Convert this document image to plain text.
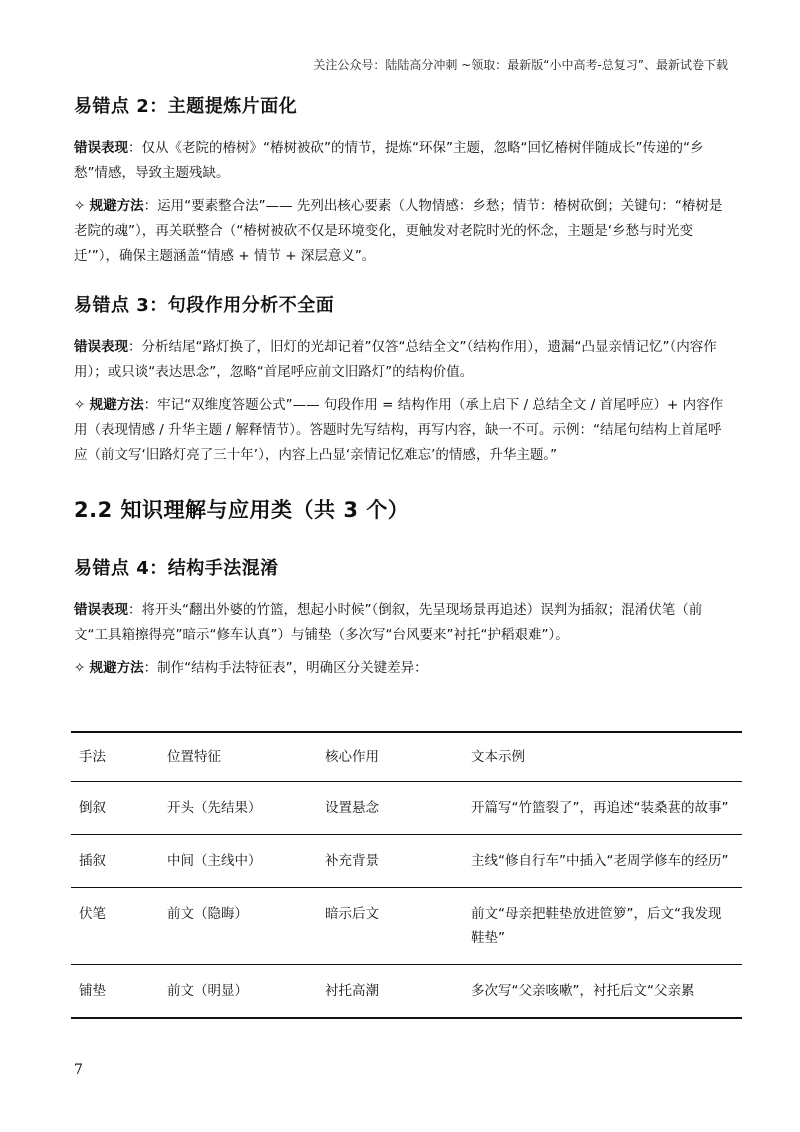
关注公众号：陆陆高分冲刺 ~领取：最新版“小中高考-总复习”、最新试卷下载
易错点 2：主题提炼片面化

错误表现：仅从《老院的椿树》“椿树被砍”的情节，提炼“环保”主题，忽略“回忆椿树伴随成长”传递的“乡愁”情感，导致主题残缺。

✧ 规避方法：运用“要素整合法”—— 先列出核心要素（人物情感：乡愁；情节：椿树砍倒；关键句：“椿树是老院的魂”），再关联整合（“椿树被砍不仅是环境变化，更触发对老院时光的怀念，主题是‘乡愁与时光变迁’”），确保主题涵盖“情感 + 情节 + 深层意义”。

易错点 3：句段作用分析不全面

错误表现：分析结尾“路灯换了，旧灯的光却记着”仅答“总结全文”（结构作用），遗漏“凸显亲情记忆”（内容作用）；或只谈“表达思念”，忽略“首尾呼应前文旧路灯”的结构价值。

✧ 规避方法：牢记“双维度答题公式”—— 句段作用 = 结构作用（承上启下 / 总结全文 / 首尾呼应）+ 内容作用（表现情感 / 升华主题 / 解释情节）。答题时先写结构，再写内容，缺一不可。示例：“结尾句结构上首尾呼应（前文写‘旧路灯亮了三十年’），内容上凸显‘亲情记忆难忘’的情感，升华主题。”

2.2 知识理解与应用类（共 3 个）
易错点 4：结构手法混淆

错误表现：将开头“翻出外婆的竹篮，想起小时候”（倒叙，先呈现场景再追述）误判为插叙；混淆伏笔（前文“工具箱擦得亮”暗示“修车认真”）与铺垫（多次写“台风要来”衬托“护稻艰难”）。

✧ 规避方法：制作“结构手法特征表”，明确区分关键差异：

手法	位置特征	核心作用	文本示例
倒叙	开头（先结果）	设置悬念	开篇写“竹篮裂了”，再追述“装桑葚的故事”
插叙	中间（主线中）	补充背景	主线“修自行车”中插入“老周学修车的经历”
伏笔	前文（隐晦）	暗示后文	前文“母亲把鞋垫放进笸箩”，后文“我发现鞋垫”
铺垫	前文（明显）	衬托高潮	多次写“父亲咳嗽”，衬托后文“父亲累
7
